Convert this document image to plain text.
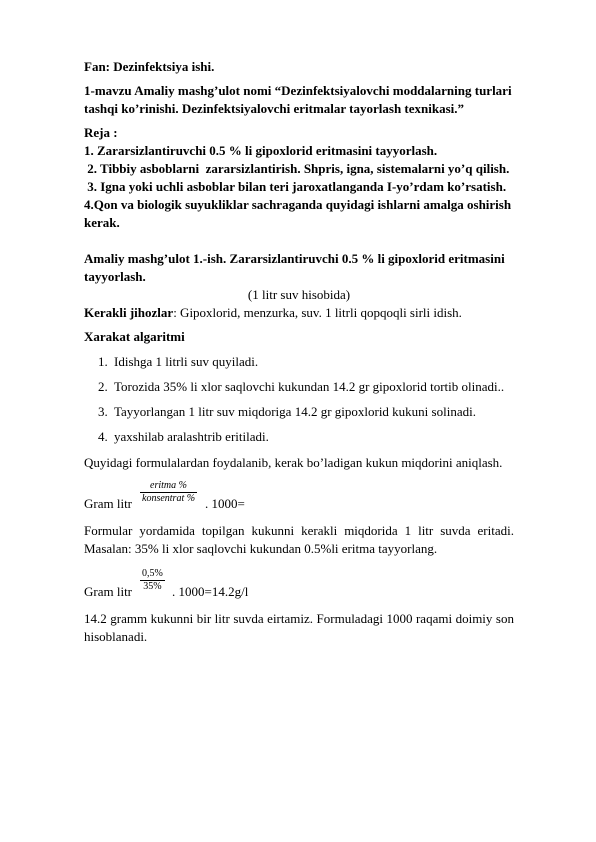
Fan: Dezinfektsiya ishi.

1-mavzu Amaliy mashg’ulot nomi “Dezinfektsiyalovchi moddalarning turlari tashqi ko’rinishi. Dezinfektsiyalovchi eritmalar tayorlash texnikasi.”

Reja :

1. Zararsizlantiruvchi 0.5 % li gipoxlorid eritmasini tayyorlash.

2. Tibbiy asboblarni  zararsizlantirish. Shpris, igna, sistemalarni yo’q qilish.

3. Igna yoki uchli asboblar bilan teri jaroxatlanganda I-yo’rdam ko’rsatish.

4.Qon va biologik suyukliklar sachraganda quyidagi ishlarni amalga oshirish kerak.

Amaliy mashg’ulot 1.-ish. Zararsizlantiruvchi 0.5 % li gipoxlorid eritmasini tayyorlash.

(1 litr suv hisobida)

Kerakli jihozlar: Gipoxlorid, menzurka, suv. 1 litrli qopqoqli sirli idish.

Xarakat algaritmi

1. Idishga 1 litrli suv quyiladi.
2. Torozida 35% li xlor saqlovchi kukundan 14.2 gr gipoxlorid tortib olinadi..
3. Tayyorlangan 1 litr suv miqdoriga 14.2 gr gipoxlorid kukuni solinadi.
4. yaxshilab aralashtrib eritiladi.

Quyidagi formulalardan foydalanib, kerak bo’ladigan kukun miqdorini aniqlash.

Gram litr
eritma %
konsentrat % . 1000=

Formular yordamida topilgan kukunni kerakli miqdorida 1 litr suvda eritadi. Masalan: 35% li xlor saqlovchi kukundan 0.5%li eritma tayyorlang.

Gram litr $\frac{0,5\%}{35\%}$ . 1000=14.2g/l

14.2 gramm kukunni bir litr suvda eirtamiz. Formuladagi 1000 raqami doimiy son hisoblanadi.
